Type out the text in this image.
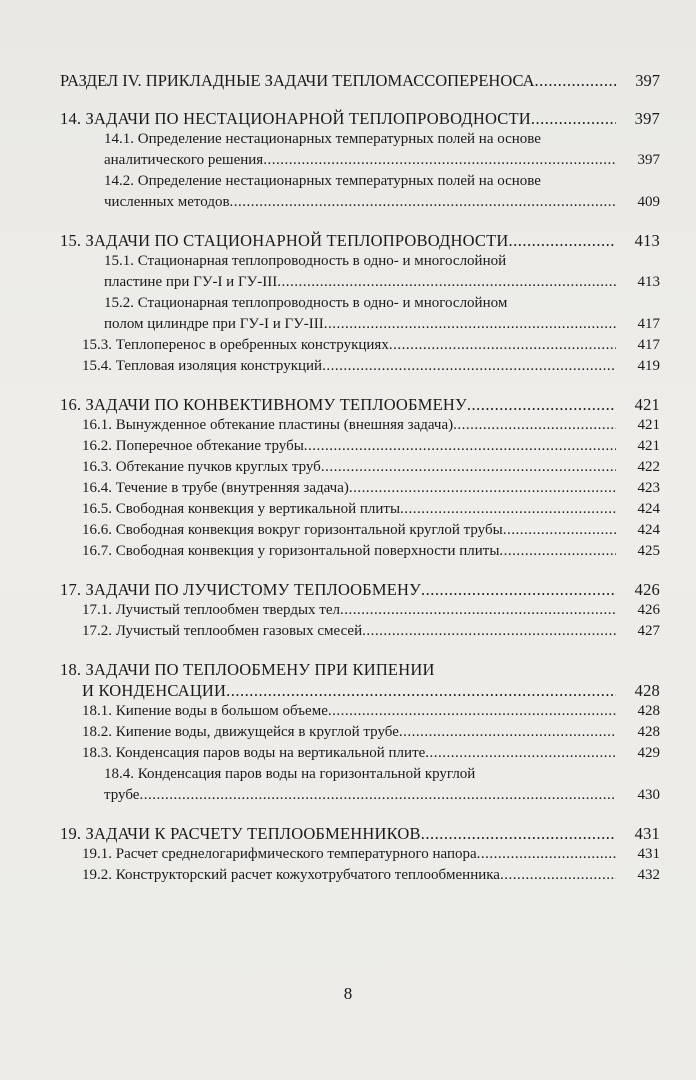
РАЗДЕЛ IV. ПРИКЛАДНЫЕ ЗАДАЧИ ТЕПЛОМАССОПЕРЕНОСА .....	397
14. ЗАДАЧИ ПО НЕСТАЦИОНАРНОЙ ТЕПЛОПРОВОДНОСТИ .....	397
14.1. Определение нестационарных температурных полей на основе
аналитического решения .....	397
14.2. Определение нестационарных температурных полей на основе
численных методов .....	409
15. ЗАДАЧИ ПО СТАЦИОНАРНОЙ ТЕПЛОПРОВОДНОСТИ .....	413
15.1. Стационарная теплопроводность в одно- и многослойной
пластине при ГУ-I и ГУ-III .....	413
15.2. Стационарная теплопроводность в одно- и многослойном
полом цилиндре при ГУ-I и ГУ-III .....	417
15.3. Теплоперенос в оребренных конструкциях .....	417
15.4. Тепловая изоляция конструкций .....	419
16. ЗАДАЧИ ПО КОНВЕКТИВНОМУ ТЕПЛООБМЕНУ .....	421
16.1. Вынужденное обтекание пластины (внешняя задача) .....	421
16.2. Поперечное обтекание трубы .....	421
16.3. Обтекание пучков круглых труб .....	422
16.4. Течение в трубе (внутренняя задача) .....	423
16.5. Свободная конвекция у вертикальной плиты .....	424
16.6. Свободная конвекция вокруг горизонтальной круглой трубы .....	424
16.7. Свободная конвекция у горизонтальной поверхности плиты .....	425
17. ЗАДАЧИ ПО ЛУЧИСТОМУ ТЕПЛООБМЕНУ .....	426
17.1. Лучистый теплообмен твердых тел .....	426
17.2. Лучистый теплообмен газовых смесей .....	427
18. ЗАДАЧИ ПО ТЕПЛООБМЕНУ ПРИ КИПЕНИИ
И КОНДЕНСАЦИИ .....	428
18.1. Кипение воды в большом объеме .....	428
18.2. Кипение воды, движущейся в круглой трубе .....	428
18.3. Конденсация паров воды на вертикальной плите .....	429
18.4. Конденсация паров воды на горизонтальной круглой
трубе .....	430
19. ЗАДАЧИ К РАСЧЕТУ ТЕПЛООБМЕННИКОВ .....	431
19.1. Расчет среднелогарифмического температурного напора .....	431
19.2. Конструкторский расчет кожухотрубчатого теплообменника .....	432
8
